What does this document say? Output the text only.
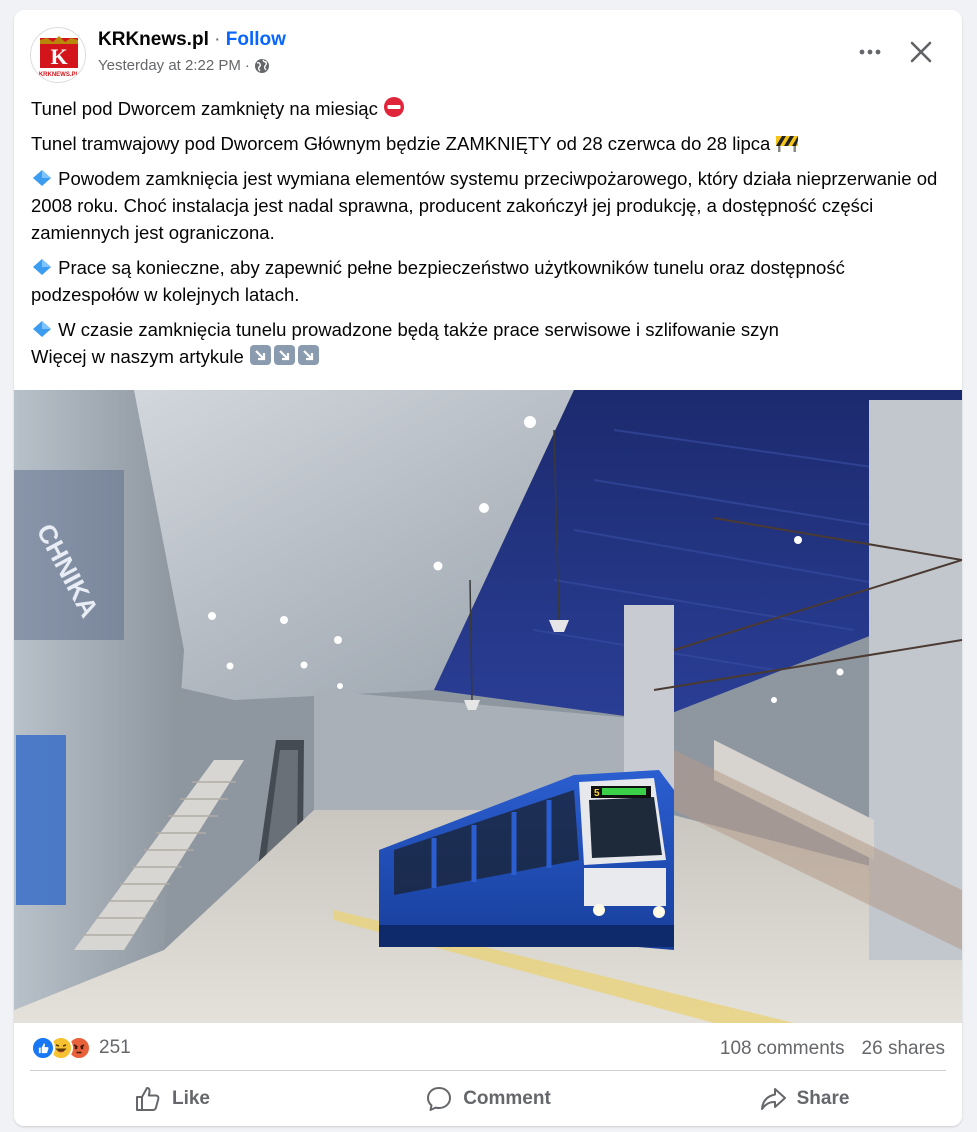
K
KRKNEWS.PL
KRKnews.pl · Follow
Yesterday at 2:22 PM ·

Tunel pod Dworcem zamknięty na miesiąc

Tunel tramwajowy pod Dworcem Głównym będzie ZAMKNIĘTY od 28 czerwca do 28 lipca

Powodem zamknięcia jest wymiana elementów systemu przeciwpożarowego, który działa nieprzerwanie od 2008 roku. Choć instalacja jest nadal sprawna, producent zakończył jej produkcję, a dostępność części zamiennych jest ograniczona.

Prace są konieczne, aby zapewnić pełne bezpieczeństwo użytkowników tunelu oraz dostępność podzespołów w kolejnych latach.

W czasie zamknięcia tunelu prowadzone będą także prace serwisowe i szlifowanie szyn

Więcej w naszym artykule

CHNIKA
5
251	108 comments 26 shares
Like	Comment	Share
